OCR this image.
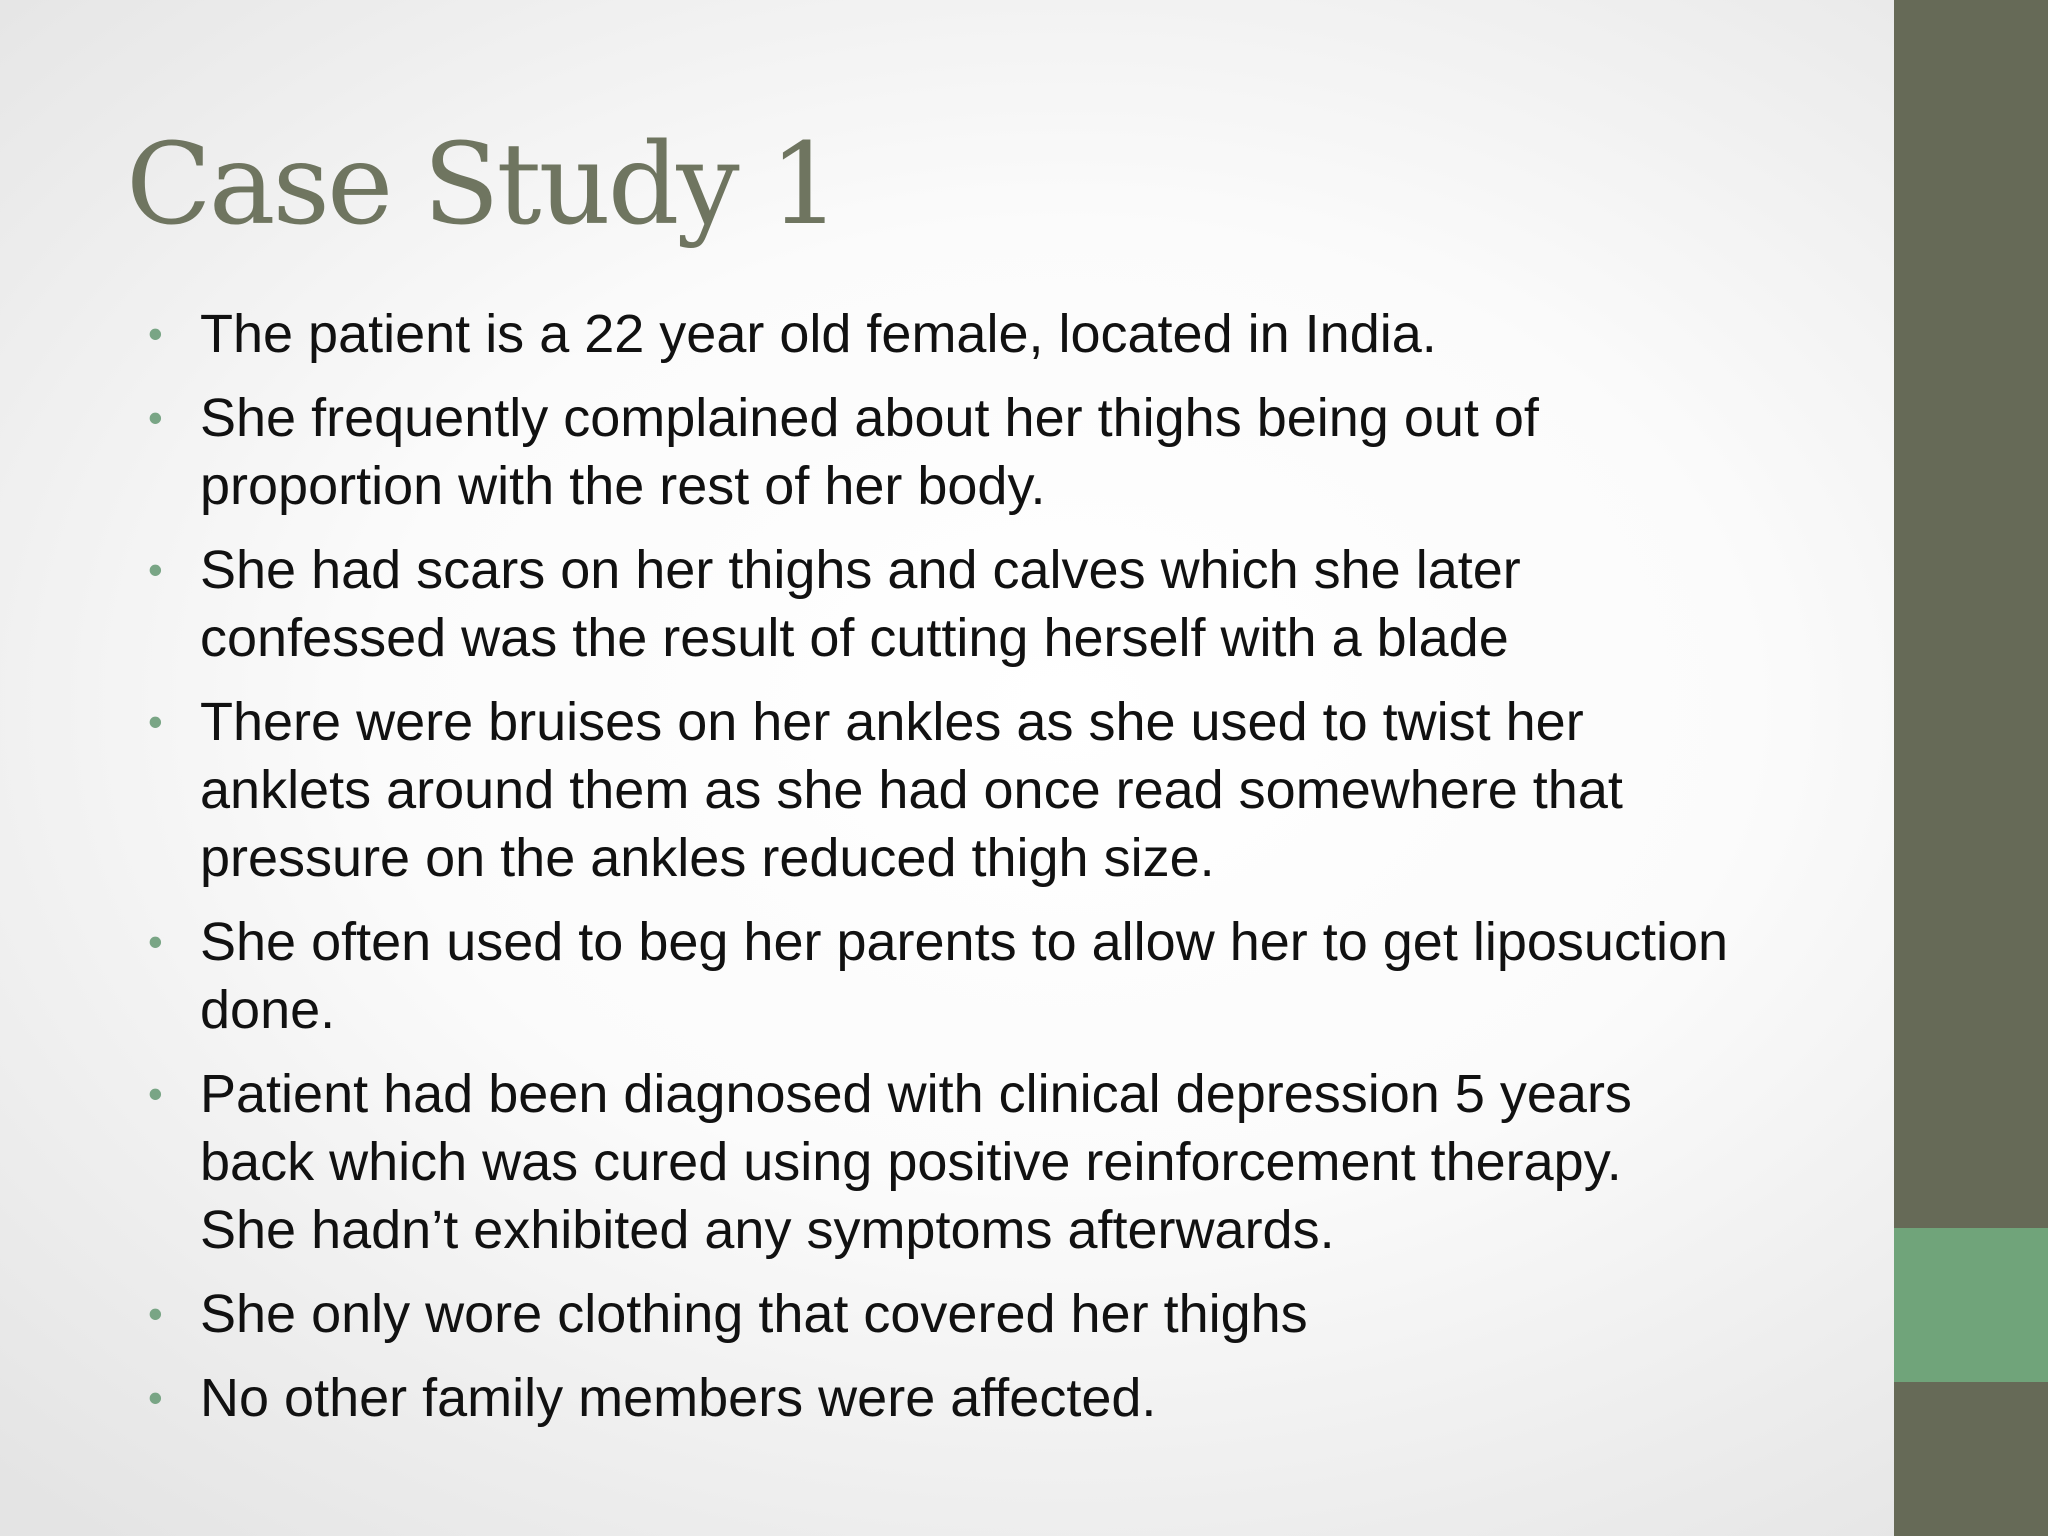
Case Study 1
• The patient is a 22 year old female, located in India.
• She frequently complained about her thighs being out of proportion with the rest of her body.
• She had scars on her thighs and calves which she later confessed was the result of cutting herself with a blade
• There were bruises on her ankles as she used to twist her anklets around them as she had once read somewhere that pressure on the ankles reduced thigh size.
• She often used to beg her parents to allow her to get liposuction done.
• Patient had been diagnosed with clinical depression 5 years back which was cured using positive reinforcement therapy. She hadn’t exhibited any symptoms afterwards.
• She only wore clothing that covered her thighs
• No other family members were affected.
